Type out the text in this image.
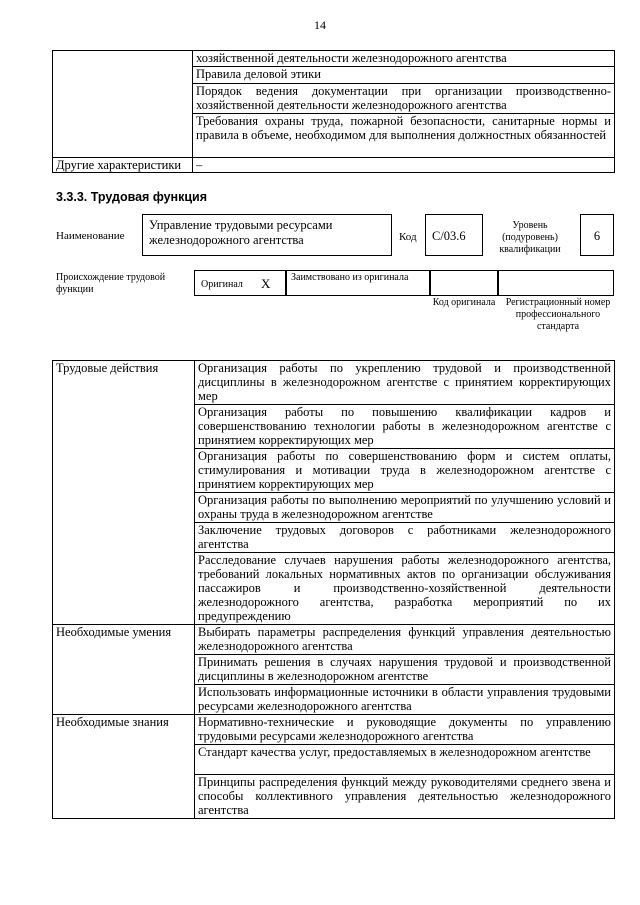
14
	хозяйственной деятельности железнодорожного агентства
	Правила деловой этики
	Порядок ведения документации при организации производственно-хозяйственной деятельности железнодорожного агентства
	Требования охраны труда, пожарной безопасности, санитарные нормы и правила в объеме, необходимом для выполнения должностных обязанностей
Другие характеристики	–
3.3.3. Трудовая функция
Наименование
Управление трудовыми ресурсами железнодорожного агентства	Код	C/03.6
Уровень (подуровень) квалификации
6
Происхождение трудовой функции	Оригинал X	Заимствовано из оригинала
Код оригинала	Регистрационный номер профессионального стандарта
Трудовые действия	Организация работы по укреплению трудовой и производственной дисциплины в железнодорожном агентстве с принятием корректирующих мер
	Организация работы по повышению квалификации кадров и совершенствованию технологии работы в железнодорожном агентстве с принятием корректирующих мер
	Организация работы по совершенствованию форм и систем оплаты, стимулирования и мотивации труда в железнодорожном агентстве с принятием корректирующих мер
	Организация работы по выполнению мероприятий по улучшению условий и охраны труда в железнодорожном агентстве
	Заключение трудовых договоров с работниками железнодорожного агентства
	Расследование случаев нарушения работы железнодорожного агентства, требований локальных нормативных актов по организации обслуживания пассажиров и производственно-хозяйственной деятельности железнодорожного агентства, разработка мероприятий по их предупреждению
Необходимые умения	Выбирать параметры распределения функций управления деятельностью железнодорожного агентства
	Принимать решения в случаях нарушения трудовой и производственной дисциплины в железнодорожном агентстве
	Использовать информационные источники в области управления трудовыми ресурсами железнодорожного агентства
Необходимые знания	Нормативно-технические и руководящие документы по управлению трудовыми ресурсами железнодорожного агентства
	Стандарт качества услуг, предоставляемых в железнодорожном агентстве
	Принципы распределения функций между руководителями среднего звена и способы коллективного управления деятельностью железнодорожного агентства
